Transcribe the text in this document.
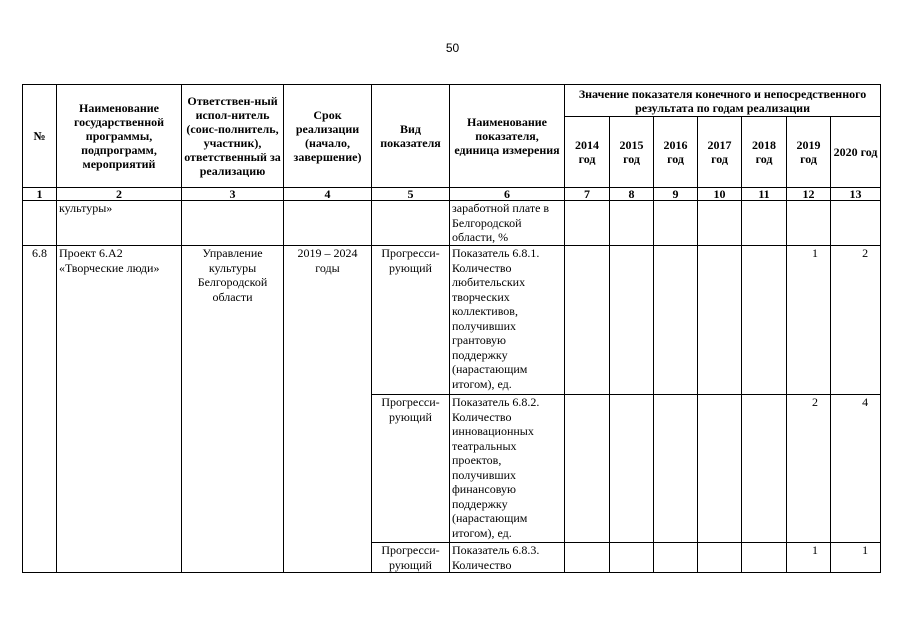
50
№	Наименование государственной программы, подпрограмм, мероприятий	Ответствен-ный испол-нитель (соис-полнитель, участник), ответственный за реализацию	Срок реализации (начало, завершение)	Вид показателя	Наименование показателя, единица измерения	Значение показателя конечного и непосредственного результата по годам реализации						
						2014 год	2015 год	2016 год	2017 год	2018 год	2019 год	2020 год
1	2	3	4	5	6	7	8	9	10	11	12	13

	культуры»				заработной плате в Белгородской области, %							

6.8	Проект 6.А2 «Творческие люди»	Управление культуры Белгородской области	2019 – 2024 годы	Прогресси-рующий	Показатель 6.8.1. Количество любительских творческих коллективов, получивших грантовую поддержку (нарастающим итогом), ед.						1	2

				Прогресси-рующий	Показатель 6.8.2. Количество инновационных театральных проектов, получивших финансовую поддержку (нарастающим итогом), ед.						2	4

				Прогресси-рующий	Показатель 6.8.3. Количество						1	1
